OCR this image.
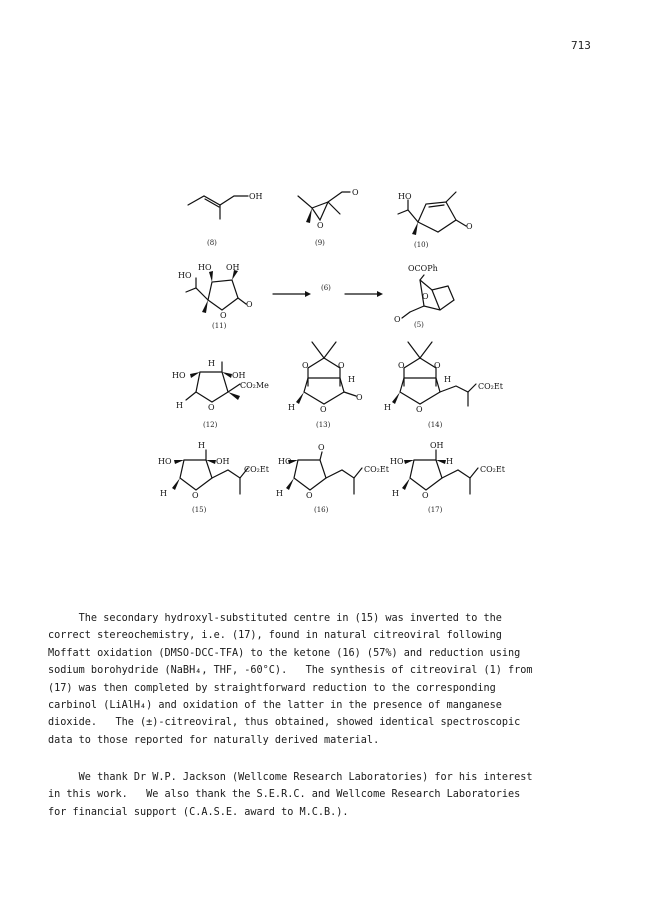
713
OH
(8)
O
O
(9)
HO
O
(10)
HO
HO OH
O
O
(11)
(6)
OCOPh
O
O
(5)
HO
H
OH
CO₂Me
H	O
(12)
O	O
H
O
H	O
(13)
O	O
H
CO₂Et
H	O
(14)
HO
H
OH
CO₂Et
H	O
(15)
HO
O
CO₂Et
H	O
(16)
HO
OH
H
CO₂Et
H	O
(17)
The secondary hydroxyl-substituted centre in (15) was inverted to the
correct stereochemistry, i.e. (17), found in natural citreoviral following
Moffatt oxidation (DMSO-DCC-TFA) to the ketone (16) (57%) and reduction using
sodium borohydride (NaBH₄, THF, -60°C).   The synthesis of citreoviral (1) from
(17) was then completed by straightforward reduction to the corresponding
carbinol (LiAlH₄) and oxidation of the latter in the presence of manganese
dioxide.   The (±)-citreoviral, thus obtained, showed identical spectroscopic
data to those reported for naturally derived material.
We thank Dr W.P. Jackson (Wellcome Research Laboratories) for his interest
in this work.   We also thank the S.E.R.C. and Wellcome Research Laboratories
for financial support (C.A.S.E. award to M.C.B.).
